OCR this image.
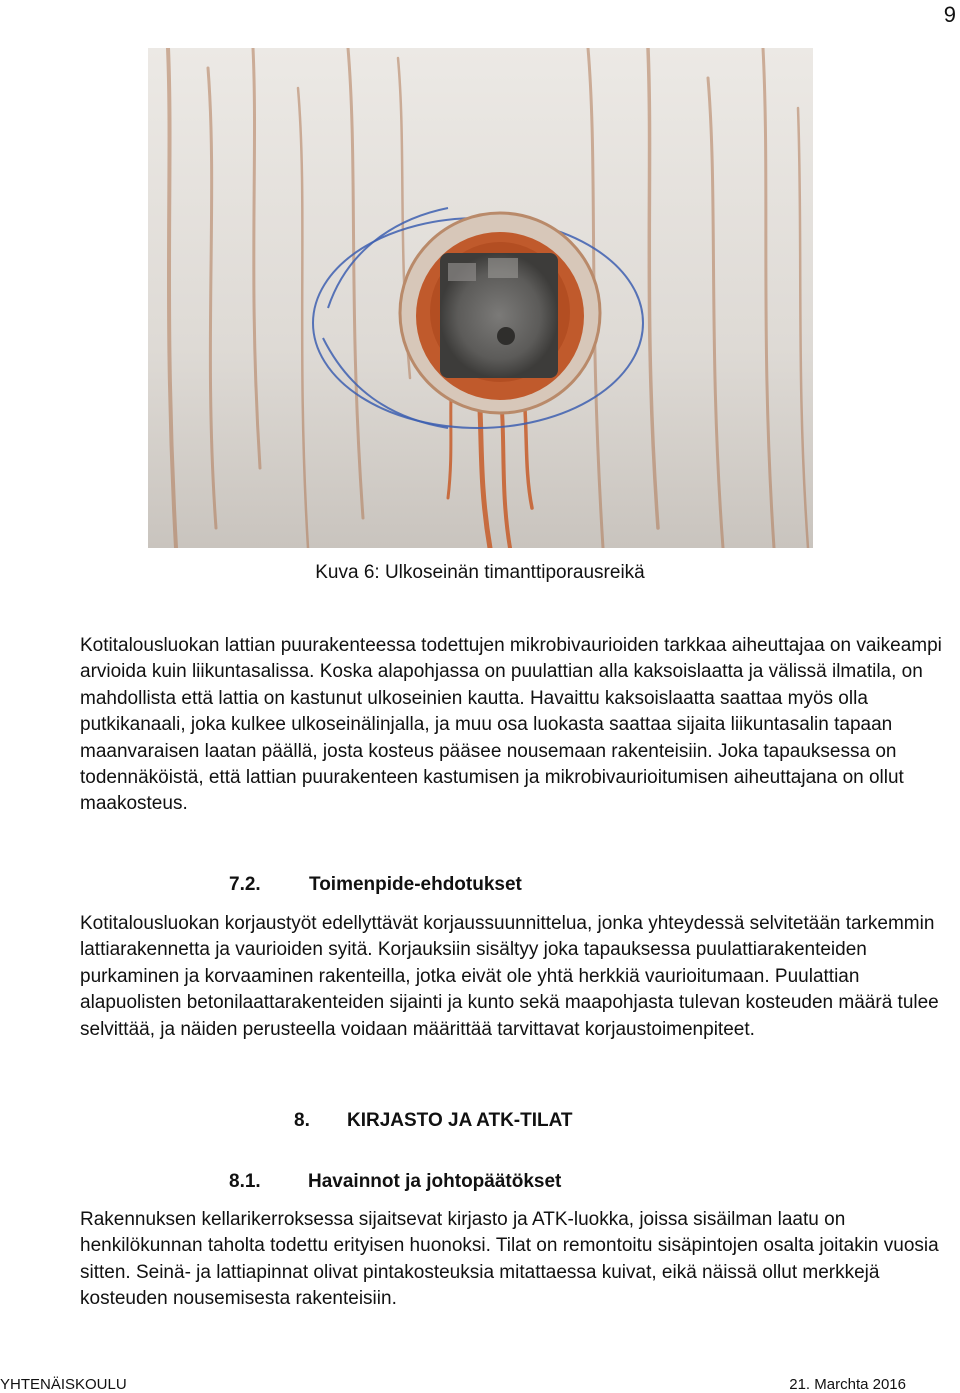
9
Kuva 6: Ulkoseinän timanttiporausreikä
Kotitalousluokan lattian puurakenteessa todettujen mikrobivaurioiden tarkkaa aiheuttajaa on vaikeampi arvioida kuin liikuntasalissa. Koska alapohjassa on puulattian alla kaksoislaatta ja välissä ilmatila, on mahdollista että lattia on kastunut ulkoseinien kautta. Havaittu kaksoislaatta saattaa myös olla putkikanaali, joka kulkee ulkoseinälinjalla, ja muu osa luokasta saattaa sijaita liikuntasalin tapaan maanvaraisen laatan päällä, josta kosteus pääsee nousemaan rakenteisiin. Joka tapauksessa on todennäköistä, että lattian puurakenteen kastumisen ja mikrobivaurioitumisen aiheuttajana on ollut maakosteus.
7.2.	Toimenpide-ehdotukset
Kotitalousluokan korjaustyöt edellyttävät korjaussuunnittelua, jonka yhteydessä selvitetään tarkemmin lattiarakennetta ja vaurioiden syitä. Korjauksiin sisältyy joka tapauksessa puulattiarakenteiden purkaminen ja korvaaminen rakenteilla, jotka eivät ole yhtä herkkiä vaurioitumaan. Puulattian alapuolisten betonilaattarakenteiden sijainti ja kunto sekä maapohjasta tulevan kosteuden määrä tulee selvittää, ja näiden perusteella voidaan määrittää tarvittavat korjaustoimenpiteet.
8. KIRJASTO JA ATK-TILAT
8.1. Havainnot ja johtopäätökset
Rakennuksen kellarikerroksessa sijaitsevat kirjasto ja ATK-luokka, joissa sisäilman laatu on henkilökunnan taholta todettu erityisen huonoksi. Tilat on remontoitu sisäpintojen osalta joitakin vuosia sitten. Seinä- ja lattiapinnat olivat pintakosteuksia mitattaessa kuivat, eikä näissä ollut merkkejä kosteuden nousemisesta rakenteisiin.
YHTENÄISKOULU	21. Marchta 2016
